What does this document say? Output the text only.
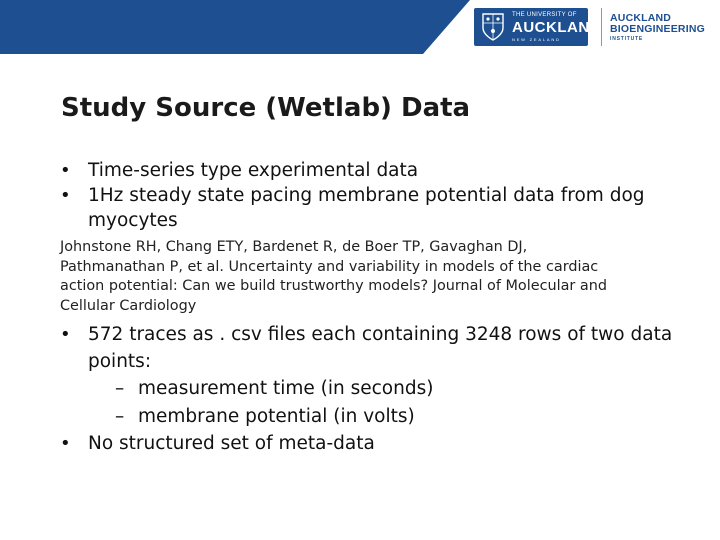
THE UNIVERSITY OF
AUCKLAND
NEW ZEALAND
AUCKLAND
BIOENGINEERING
INSTITUTE
Study Source (Wetlab) Data
• Time-series type experimental data
• 1Hz steady state pacing membrane potential data from dog myocytes

Johnstone RH, Chang ETY, Bardenet R, de Boer TP, Gavaghan DJ, Pathmanathan P, et al. Uncertainty and variability in models of the cardiac action potential: Can we build trustworthy models? Journal of Molecular and Cellular Cardiology

• 572 traces as . csv files each containing 3248 rows of two data points:
– measurement time (in seconds)
– membrane potential (in volts)
• No structured set of meta-data
